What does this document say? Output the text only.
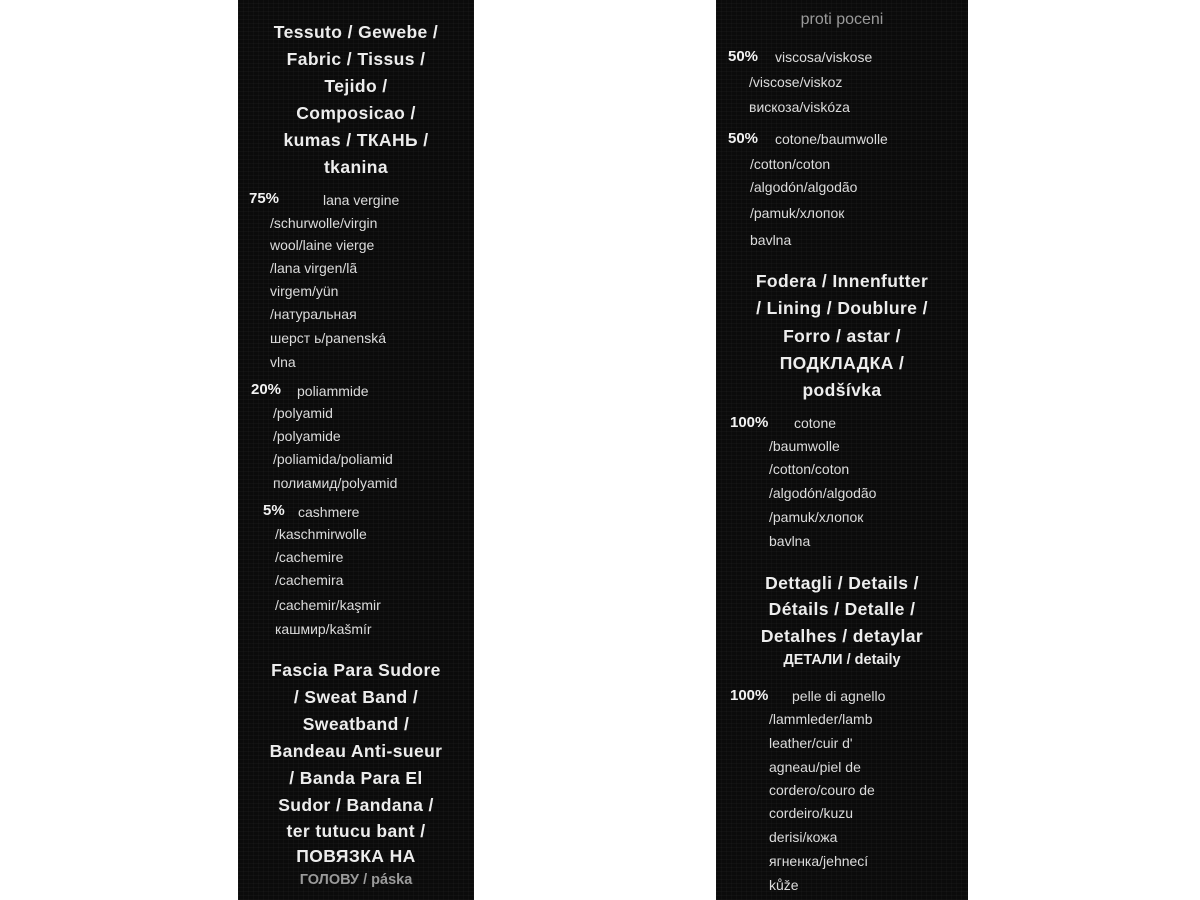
Tessuto / Gewebe /
Fabric / Tissus /
Tejido /
Composicao /
kumas / ТКАНЬ /
tkanina
75%	lana vergine
/schurwolle/virgin
wool/laine vierge
/lana virgen/lã
virgem/yün
/натуральная
шерст ь/panenská
vlna
20% poliammide
/polyamid
/polyamide
/poliamida/poliamid
полиамид/polyamid
5% cashmere
/kaschmirwolle
/cachemire
/cachemira
/cachemir/kaşmir
кашмир/kašmír
Fascia Para Sudore
/ Sweat Band /
Sweatband /
Bandeau Anti-sueur
/ Banda Para El
Sudor / Bandana /
ter tutucu bant /
ПОВЯЗКА НА
ГОЛОВУ / páska
proti poceni
50% viscosa/viskose
/viscose/viskoz
вискоза/viskóza
50% cotone/baumwolle
/cotton/coton
/algodón/algodão
/pamuk/хлопок
bavlna
Fodera / Innenfutter
/ Lining / Doublure /
Forro / astar /
ПОДКЛАДКА /
podšívka
100% cotone
/baumwolle
/cotton/coton
/algodón/algodão
/pamuk/хлопок
bavlna
Dettagli / Details /
Détails / Detalle /
Detalhes / detaylar
ДЕТАЛИ / detaily
100% pelle di agnello
/lammleder/lamb
leather/cuir d'
agneau/piel de
cordero/couro de
cordeiro/kuzu
derisi/кожа
ягненка/jehnecí
kůže
